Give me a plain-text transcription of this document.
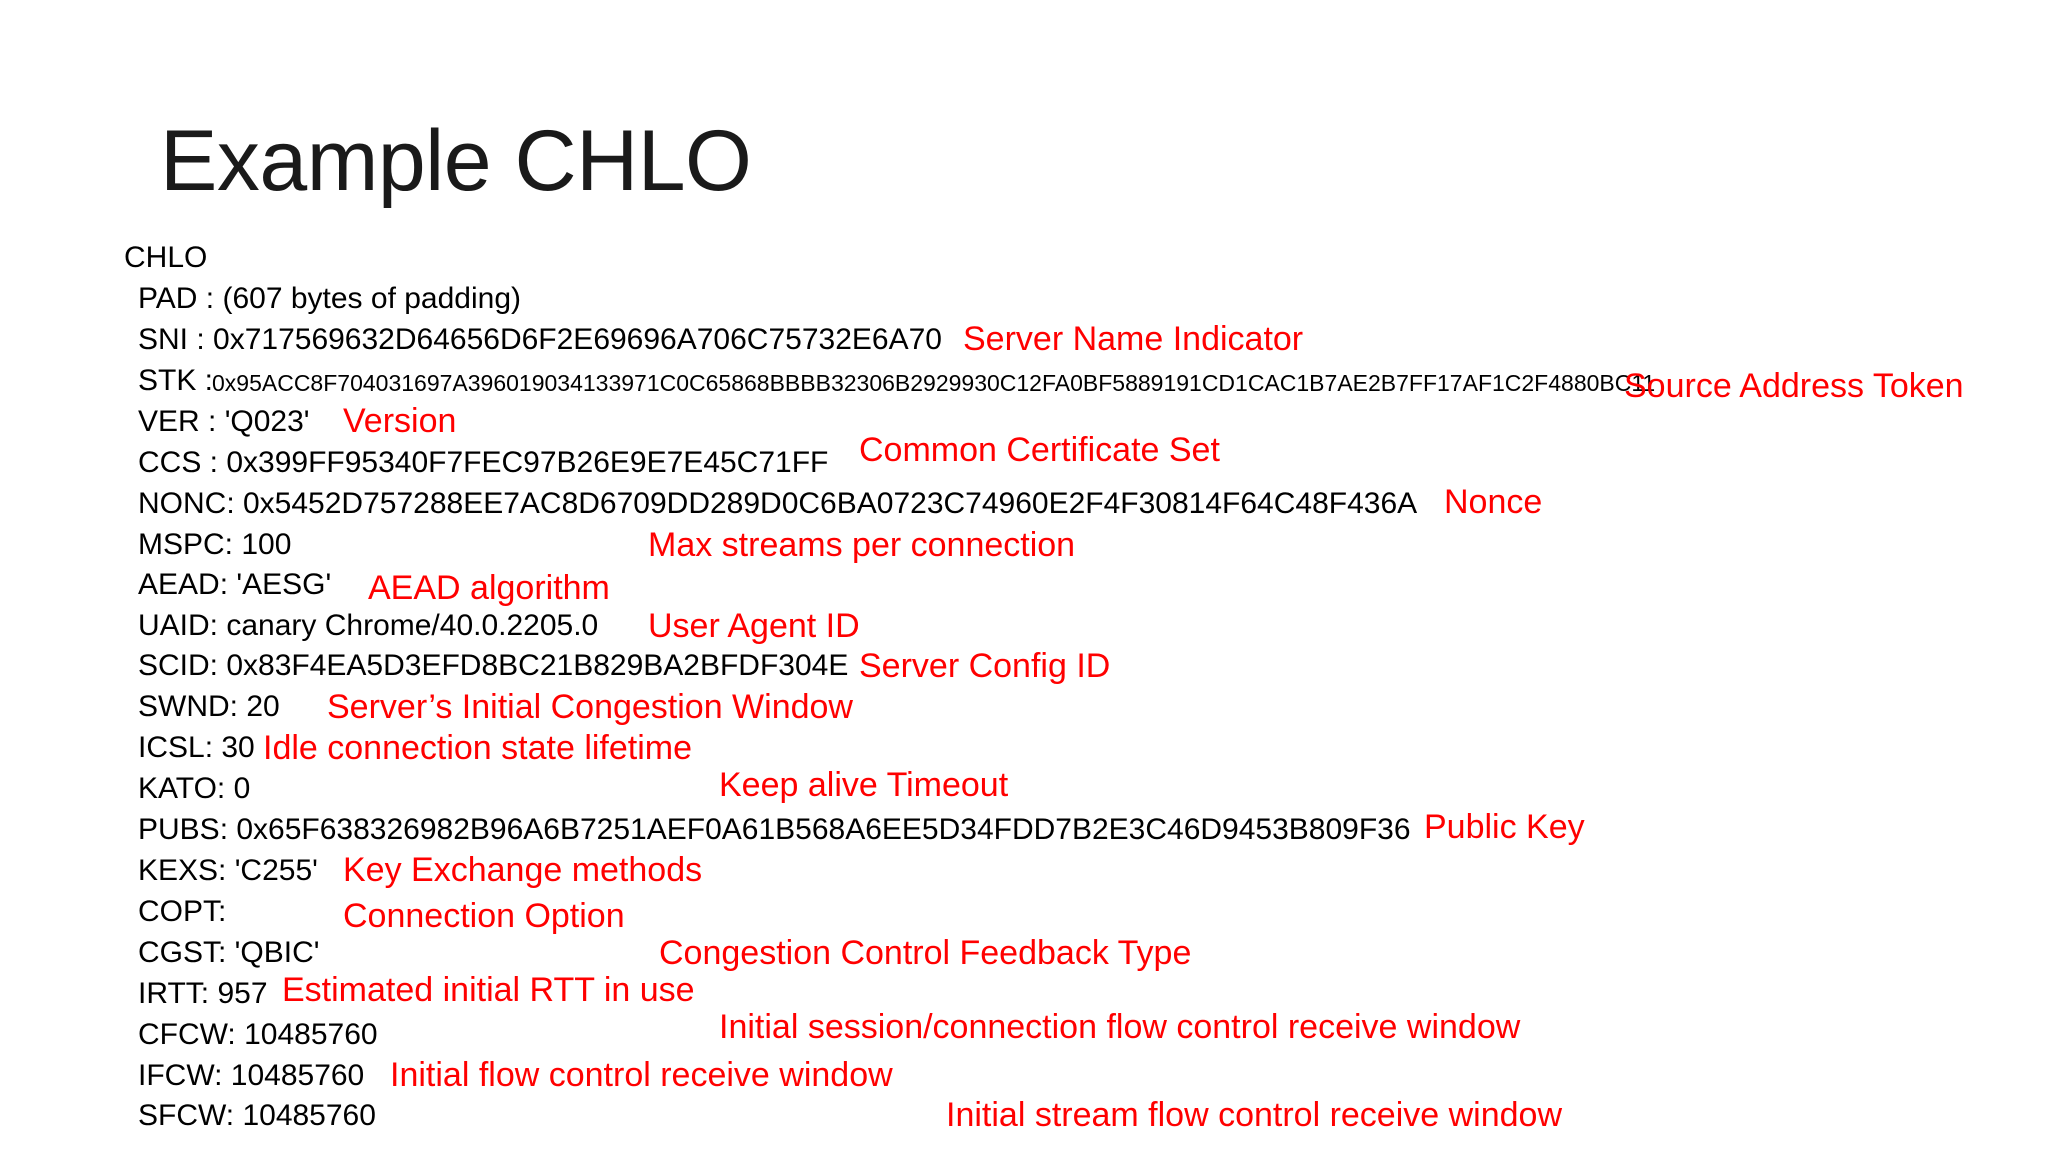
Example CHLO
CHLO
PAD : (607 bytes of padding)
SNI : 0x717569632D64656D6F2E69696A706C75732E6A70
STK :
0x95ACC8F704031697A396019034133971C0C65868BBBB32306B2929930C12FA0BF5889191CD1CAC1B7AE2B7FF17AF1C2F4880BC11
VER : 'Q023'
CCS : 0x399FF95340F7FEC97B26E9E7E45C71FF
NONC: 0x5452D757288EE7AC8D6709DD289D0C6BA0723C74960E2F4F30814F64C48F436A
MSPC: 100
AEAD: 'AESG'
UAID: canary Chrome/40.0.2205.0
SCID: 0x83F4EA5D3EFD8BC21B829BA2BFDF304E
SWND: 20
ICSL: 30
KATO: 0
PUBS: 0x65F638326982B96A6B7251AEF0A61B568A6EE5D34FDD7B2E3C46D9453B809F36
KEXS: 'C255'
COPT:
CGST: 'QBIC'
IRTT: 957
CFCW: 10485760
IFCW: 10485760
SFCW: 10485760
Server Name Indicator
Source Address Token
Version
Common Certificate Set
Nonce
Max streams per connection
AEAD algorithm
User Agent ID
Server Config ID
Server’s Initial Congestion Window
Idle connection state lifetime
Keep alive Timeout
Public Key
Key Exchange methods
Connection Option
Congestion Control Feedback Type
Estimated initial RTT in use
Initial session/connection flow control receive window
Initial flow control receive window
Initial stream flow control receive window
